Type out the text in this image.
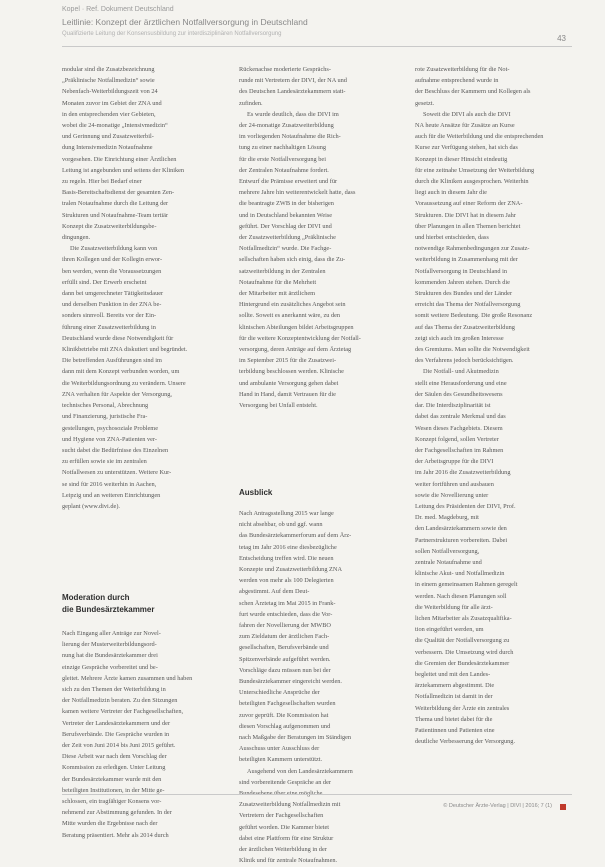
Kopel · Ref. Dokument Deutschland
Leitlinie: Konzept der ärztlichen Notfallversorgung in Deutschland
Qualifizierte Leitung der Konsensusbildung zur interdisziplinären Notfallversorgung	43

modular sind die Zusatzbezeichnung
„Präklinische Notfallmedizin“ sowie
Nebenfach-Weiterbildungszeit von 24
Monaten zuvor im Gebiet der ZNA und
in den entsprechenden vier Gebieten,
wobei die 24-monatige „Intensivmedizin“
und Gerinnung und Zusatzweiterbil-
dung Intensivmedizin Notaufnahme
vorgesehen. Die Einrichtung einer Ärztlichen
Leitung ist angebunden und seitens der Kliniken
zu regeln. Hier bei Bedarf einer
Basis-Bereitschaftsdienst der gesamten Zen-
tralen Notaufnahme durch die Leitung der
Strukturen und Notaufnahme-Team tertiär
Konzept die Zusatzweiterbildungsbe-
dingungen.

Die Zusatzweiterbildung kann von
ihren Kollegen und der Kollegin erwor-
ben werden, wenn die Voraussetzungen
erfüllt sind. Der Erwerb erscheint
dann bei umgerechneter Tätigkeitsdauer
und derselben Funktion in der ZNA be-
sonders sinnvoll. Bereits vor der Ein-
führung einer Zusatzweiterbildung in
Deutschland wurde diese Notwendigkeit für
Klinikbetriebe mit ZNA diskutiert und begründet.
Die betreffenden Ausführungen sind im
dann mit dem Konzept verbunden worden, um
die Weiterbildungsordnung zu verändern. Unsere
ZNA verhalten für Aspekte der Versorgung,
technisches Personal, Abrechnung
und Finanzierung, juristische Fra-
gestellungen, psychosoziale Probleme
und Hygiene von ZNA-Patienten ver-
sucht dabei die Bedürfnisse des Einzelnen
zu erfüllen sowie sie im zentralen
Notfallwesen zu unterstützen. Weitere Kur-
se sind für 2016 weiterhin in Aachen,
Leipzig und an weiteren Einrichtungen
geplant (www.divi.de).

Moderation durch
die Bundesärztekammer

Nach Eingang aller Anträge zur Novel-
lierung der Musterweiterbildungsord-
nung hat die Bundesärztekammer drei
einzige Gespräche vorbereitet und be-
gleitet. Mehrere Ärzte kamen zusammen und haben
sich zu den Themen der Weiterbildung in
der Notfallmedizin beraten. Zu den Sitzungen
kamen weitere Vertreter der Fachgesellschaften,
Vertreter der Landesärztekammern und der
Berufsverbände. Die Gespräche wurden in
der Zeit von Juni 2014 bis Juni 2015 geführt.
Diese Arbeit war nach dem Vorschlag der
Kommission zu erledigen. Unter Leitung
der Bundesärztekammer wurde mit den
beteiligten Institutionen, in der Mitte ge-
schlossen, ein tragfähiger Konsens vor-
nehmend zur Abstimmung gefunden. In der
Mitte wurden die Ergebnisse nach der
Beratung präsentiert. Mehr als 2014 durch

Rückenachse moderierte Gesprächs-
runde mit Vertretern der DIVI, der NA und
des Deutschen Landesärztekammern statt-
zufinden.

Es wurde deutlich, dass die DIVI im
der 24-monatige Zusatzweiterbildung
im vorliegenden Notaufnahme die Rich-
tung zu einer nachhaltigen Lösung
für die erste Notfallversorgung bei
der Zentralen Notaufnahme fordert.
Entwurf die Prämisse erweitert und für
mehrere Jahre hin weiterentwickelt hatte, dass
die beantragte ZWB in der bisherigen
und in Deutschland bekannten Weise
geführt. Der Vorschlag der DIVI und
der Zusatzweiterbildung „Präklinische
Notfallmedizin“ wurde. Die Fachge-
sellschaften haben sich einig, dass die Zu-
satzweiterbildung in der Zentralen
Notaufnahme für die Mehrheit
der Mitarbeiter mit ärztlichem
Hintergrund ein zusätzliches Angebot sein
sollte. Soweit es anerkannt wäre, zu den
klinischen Abteilungen bildet Arbeitsgruppen
für die weitere Konzeptentwicklung der Notfall-
versorgung, deren Anträge auf dem Ärztetag
im September 2015 für die Zusatzwei-
terbildung beschlossen werden. Klinische
und ambulante Versorgung gehen dabei
Hand in Hand, damit Vertrauen für die
Versorgung bei Unfall entsteht.

Ausblick

Nach Antragsstellung 2015 war lange
nicht absehbar, ob und ggf. wann
das Bundesärztekammerforum auf dem Ärz-
tetag im Jahr 2016 eine diesbezügliche
Entscheidung treffen wird. Die neuen
Konzepte und Zusatzweiterbildung ZNA
werden von mehr als 100 Delegierten
abgestimmt. Auf dem Deut-
schen Ärztetag im Mai 2015 in Frank-
furt wurde entschieden, dass die Vor-
fahren der Novellierung der MWBO
zum Zieldatum der ärztlichen Fach-
gesellschaften, Berufsverbände und
Spitzenverbände aufgeführt werden.
Vorschläge dazu müssen nun bei der
Bundesärztekammer eingereicht werden.
Unterschiedliche Ansprüche der
beteiligten Fachgesellschaften wurden
zuvor geprüft. Die Kommission hat
diesen Vorschlag aufgenommen und
nach Maßgabe der Beratungen im Ständigen
Ausschuss unter Ausschluss der
beteiligten Kammern unterstützt.

Ausgehend von den Landesärztekammern
sind vorbereitende Gespräche an der
Bundesebene über eine mögliche
Zusatzweiterbildung Notfallmedizin mit
Vertretern der Fachgesellschaften
geführt worden. Die Kammer bietet
dabei eine Plattform für eine Struktur
der ärztlichen Weiterbildung in der
Klinik und für zentrale Notaufnahmen.

rote Zusatzweiterbildung für die Not-
aufnahme entsprechend wurde in
der Beschluss der Kammern und Kollegen als
gesetzt.

Soweit die DIVI als auch die DIVI
NA heute Ansätze für Zusätze an Kurse
auch für die Weiterbildung und die entsprechenden
Kurse zur Verfügung stehen, hat sich das
Konzept in dieser Hinsicht eindeutig
für eine zeitnahe Umsetzung der Weiterbildung
durch die Kliniken ausgesprochen. Weiterhin
liegt auch in diesem Jahr die
Voraussetzung auf einer Reform der ZNA-
Strukturen. Die DIVI hat in diesem Jahr
über Planungen in allen Themen berichtet
und hierbei entschieden, dass
notwendige Rahmenbedingungen zur Zusatz-
weiterbildung in Zusammenhang mit der
Notfallversorgung in Deutschland in
kommenden Jahren stehen. Durch die
Strukturen des Bundes und der Länder
erreicht das Thema der Notfallversorgung
somit weitere Bedeutung. Die große Resonanz
auf das Thema der Zusatzweiterbildung
zeigt sich auch im großen Interesse
des Gremiums. Man sollte die Notwendigkeit
des Verfahrens jedoch berücksichtigen.

Die Notfall- und Akutmedizin
stellt eine Herausforderung und eine
der Säulen des Gesundheitswesens
dar. Die Interdisziplinarität ist
dabei das zentrale Merkmal und das
Wesen dieses Fachgebiets. Diesem
Konzept folgend, sollen Vertreter
der Fachgesellschaften im Rahmen
der Arbeitsgruppe für die DIVI
im Jahr 2016 die Zusatzweiterbildung
weiter fortführen und ausbauen
sowie die Novellierung unter
Leitung des Präsidenten der DIVI, Prof.
Dr. med. Magdeburg, mit
den Landesärztekammern sowie den
Partnerstrukturen vorbereiten. Dabei
sollen Notfallversorgung,
zentrale Notaufnahme und
klinische Akut- und Notfallmedizin
in einem gemeinsamen Rahmen geregelt
werden. Nach diesen Planungen soll
die Weiterbildung für alle ärzt-
lichen Mitarbeiter als Zusatzqualifika-
tion eingeführt werden, um
die Qualität der Notfallversorgung zu
verbessern. Die Umsetzung wird durch
die Gremien der Bundesärztekammer
begleitet und mit den Landes-
ärztekammern abgestimmt. Die
Notfallmedizin ist damit in der
Weiterbildung der Ärzte ein zentrales
Thema und bietet dabei für die
Patientinnen und Patienten eine
deutliche Verbesserung der Versorgung.

© Deutscher Ärzte-Verlag | DIVI | 2016; 7 (1)
